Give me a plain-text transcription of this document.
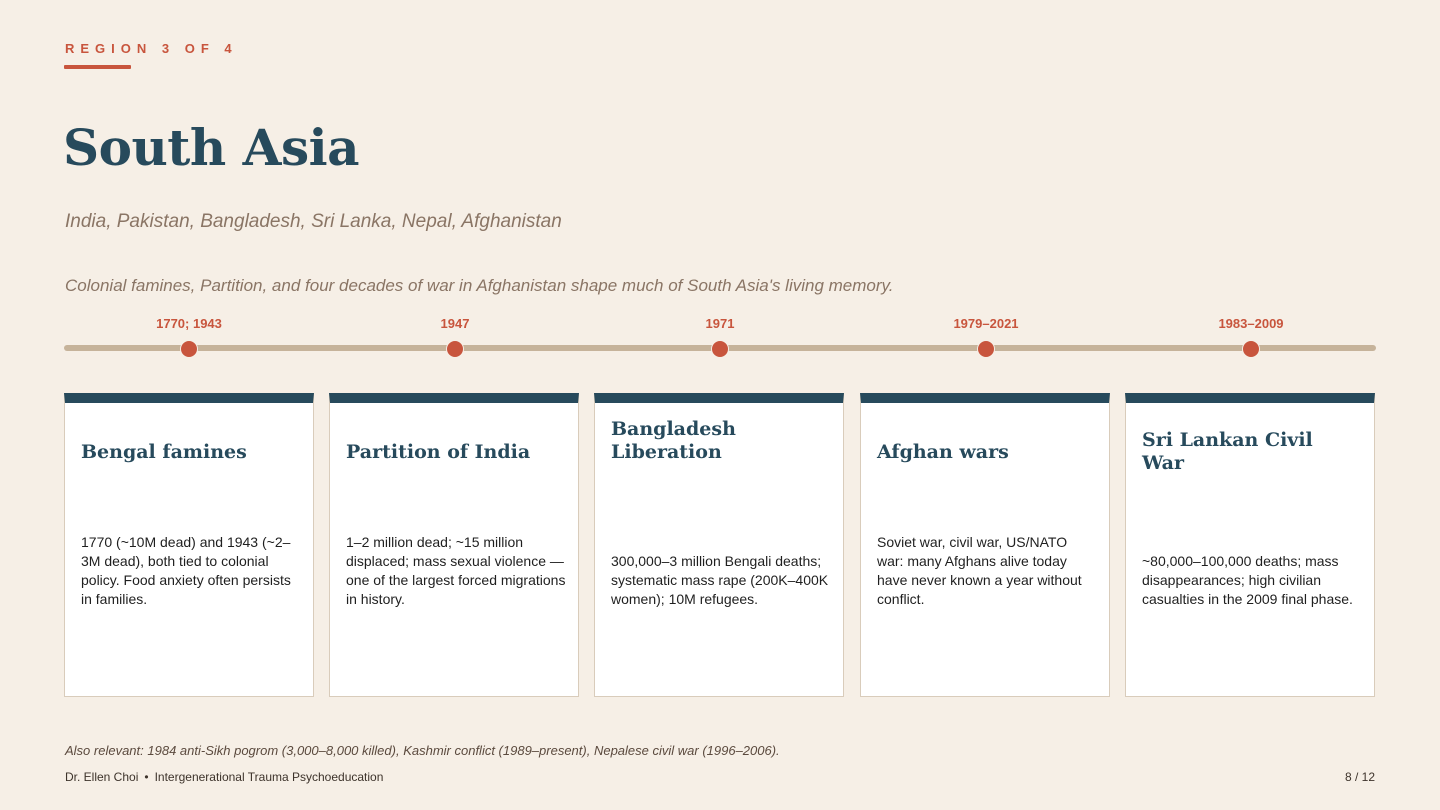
REGION 3 OF 4
South Asia
India, Pakistan, Bangladesh, Sri Lanka, Nepal, Afghanistan
Colonial famines, Partition, and four decades of war in Afghanistan shape much of South Asia's living memory.
1770; 1943	1947	1971	1979–2021	1983–2009
Bengal famines
1770 (~10M dead) and 1943 (~2–3M dead), both tied to colonial policy. Food anxiety often persists in families.
Partition of India
1–2 million dead; ~15 million displaced; mass sexual violence — one of the largest forced migrations in history.
Bangladesh Liberation
300,000–3 million Bengali deaths; systematic mass rape (200K–400K women); 10M refugees.
Afghan wars
Soviet war, civil war, US/NATO war: many Afghans alive today have never known a year without conflict.
Sri Lankan Civil War
~80,000–100,000 deaths; mass disappearances; high civilian casualties in the 2009 final phase.
Also relevant: 1984 anti-Sikh pogrom (3,000–8,000 killed), Kashmir conflict (1989–present), Nepalese civil war (1996–2006).
Dr. Ellen Choi • Intergenerational Trauma Psychoeducation	8 / 12
